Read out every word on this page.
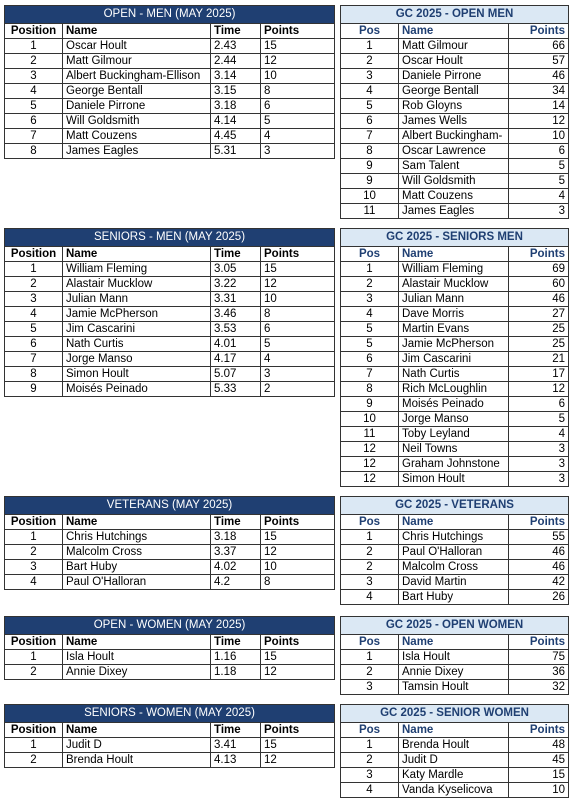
OPEN - MEN (MAY 2025)			
Position	Name	Time	Points
1	Oscar Hoult	2.43	15
2	Matt Gilmour	2.44	12
3	Albert Buckingham-Ellison	3.14	10
4	George Bentall	3.15	8
5	Daniele Pirrone	3.18	6
6	Will Goldsmith	4.14	5
7	Matt Couzens	4.45	4
8	James Eagles	5.31	3
GC 2025 - OPEN MEN		
Pos	Name	Points
1	Matt Gilmour	66
2	Oscar Hoult	57
3	Daniele Pirrone	46
4	George Bentall	34
5	Rob Gloyns	14
6	James Wells	12
7	Albert Buckingham-	10
8	Oscar Lawrence	6
9	Sam Talent	5
9	Will Goldsmith	5
10	Matt Couzens	4
11	James Eagles	3
SENIORS - MEN (MAY 2025)			
Position	Name	Time	Points
1	William Fleming	3.05	15
2	Alastair Mucklow	3.22	12
3	Julian Mann	3.31	10
4	Jamie McPherson	3.46	8
5	Jim Cascarini	3.53	6
6	Nath Curtis	4.01	5
7	Jorge Manso	4.17	4
8	Simon Hoult	5.07	3
9	Moisés Peinado	5.33	2
GC 2025 - SENIORS MEN		
Pos	Name	Points
1	William Fleming	69
2	Alastair Mucklow	60
3	Julian Mann	46
4	Dave Morris	27
5	Martin Evans	25
5	Jamie McPherson	25
6	Jim Cascarini	21
7	Nath Curtis	17
8	Rich McLoughlin	12
9	Moisés Peinado	6
10	Jorge Manso	5
11	Toby Leyland	4
12	Neil Towns	3
12	Graham Johnstone	3
12	Simon Hoult	3
VETERANS (MAY 2025)			
Position	Name	Time	Points
1	Chris Hutchings	3.18	15
2	Malcolm Cross	3.37	12
3	Bart Huby	4.02	10
4	Paul O'Halloran	4.2	8
GC 2025 - VETERANS		
Pos	Name	Points
1	Chris Hutchings	55
2	Paul O'Halloran	46
2	Malcolm Cross	46
3	David Martin	42
4	Bart Huby	26
OPEN - WOMEN (MAY 2025)			
Position	Name	Time	Points
1	Isla Hoult	1.16	15
2	Annie Dixey	1.18	12
GC 2025 - OPEN WOMEN		
Pos	Name	Points
1	Isla Hoult	75
2	Annie Dixey	36
3	Tamsin Hoult	32
SENIORS - WOMEN (MAY 2025)			
Position	Name	Time	Points
1	Judit D	3.41	15
2	Brenda Hoult	4.13	12
GC 2025 - SENIOR WOMEN		
Pos	Name	Points
1	Brenda Hoult	48
2	Judit D	45
3	Katy Mardle	15
4	Vanda Kyselicova	10
